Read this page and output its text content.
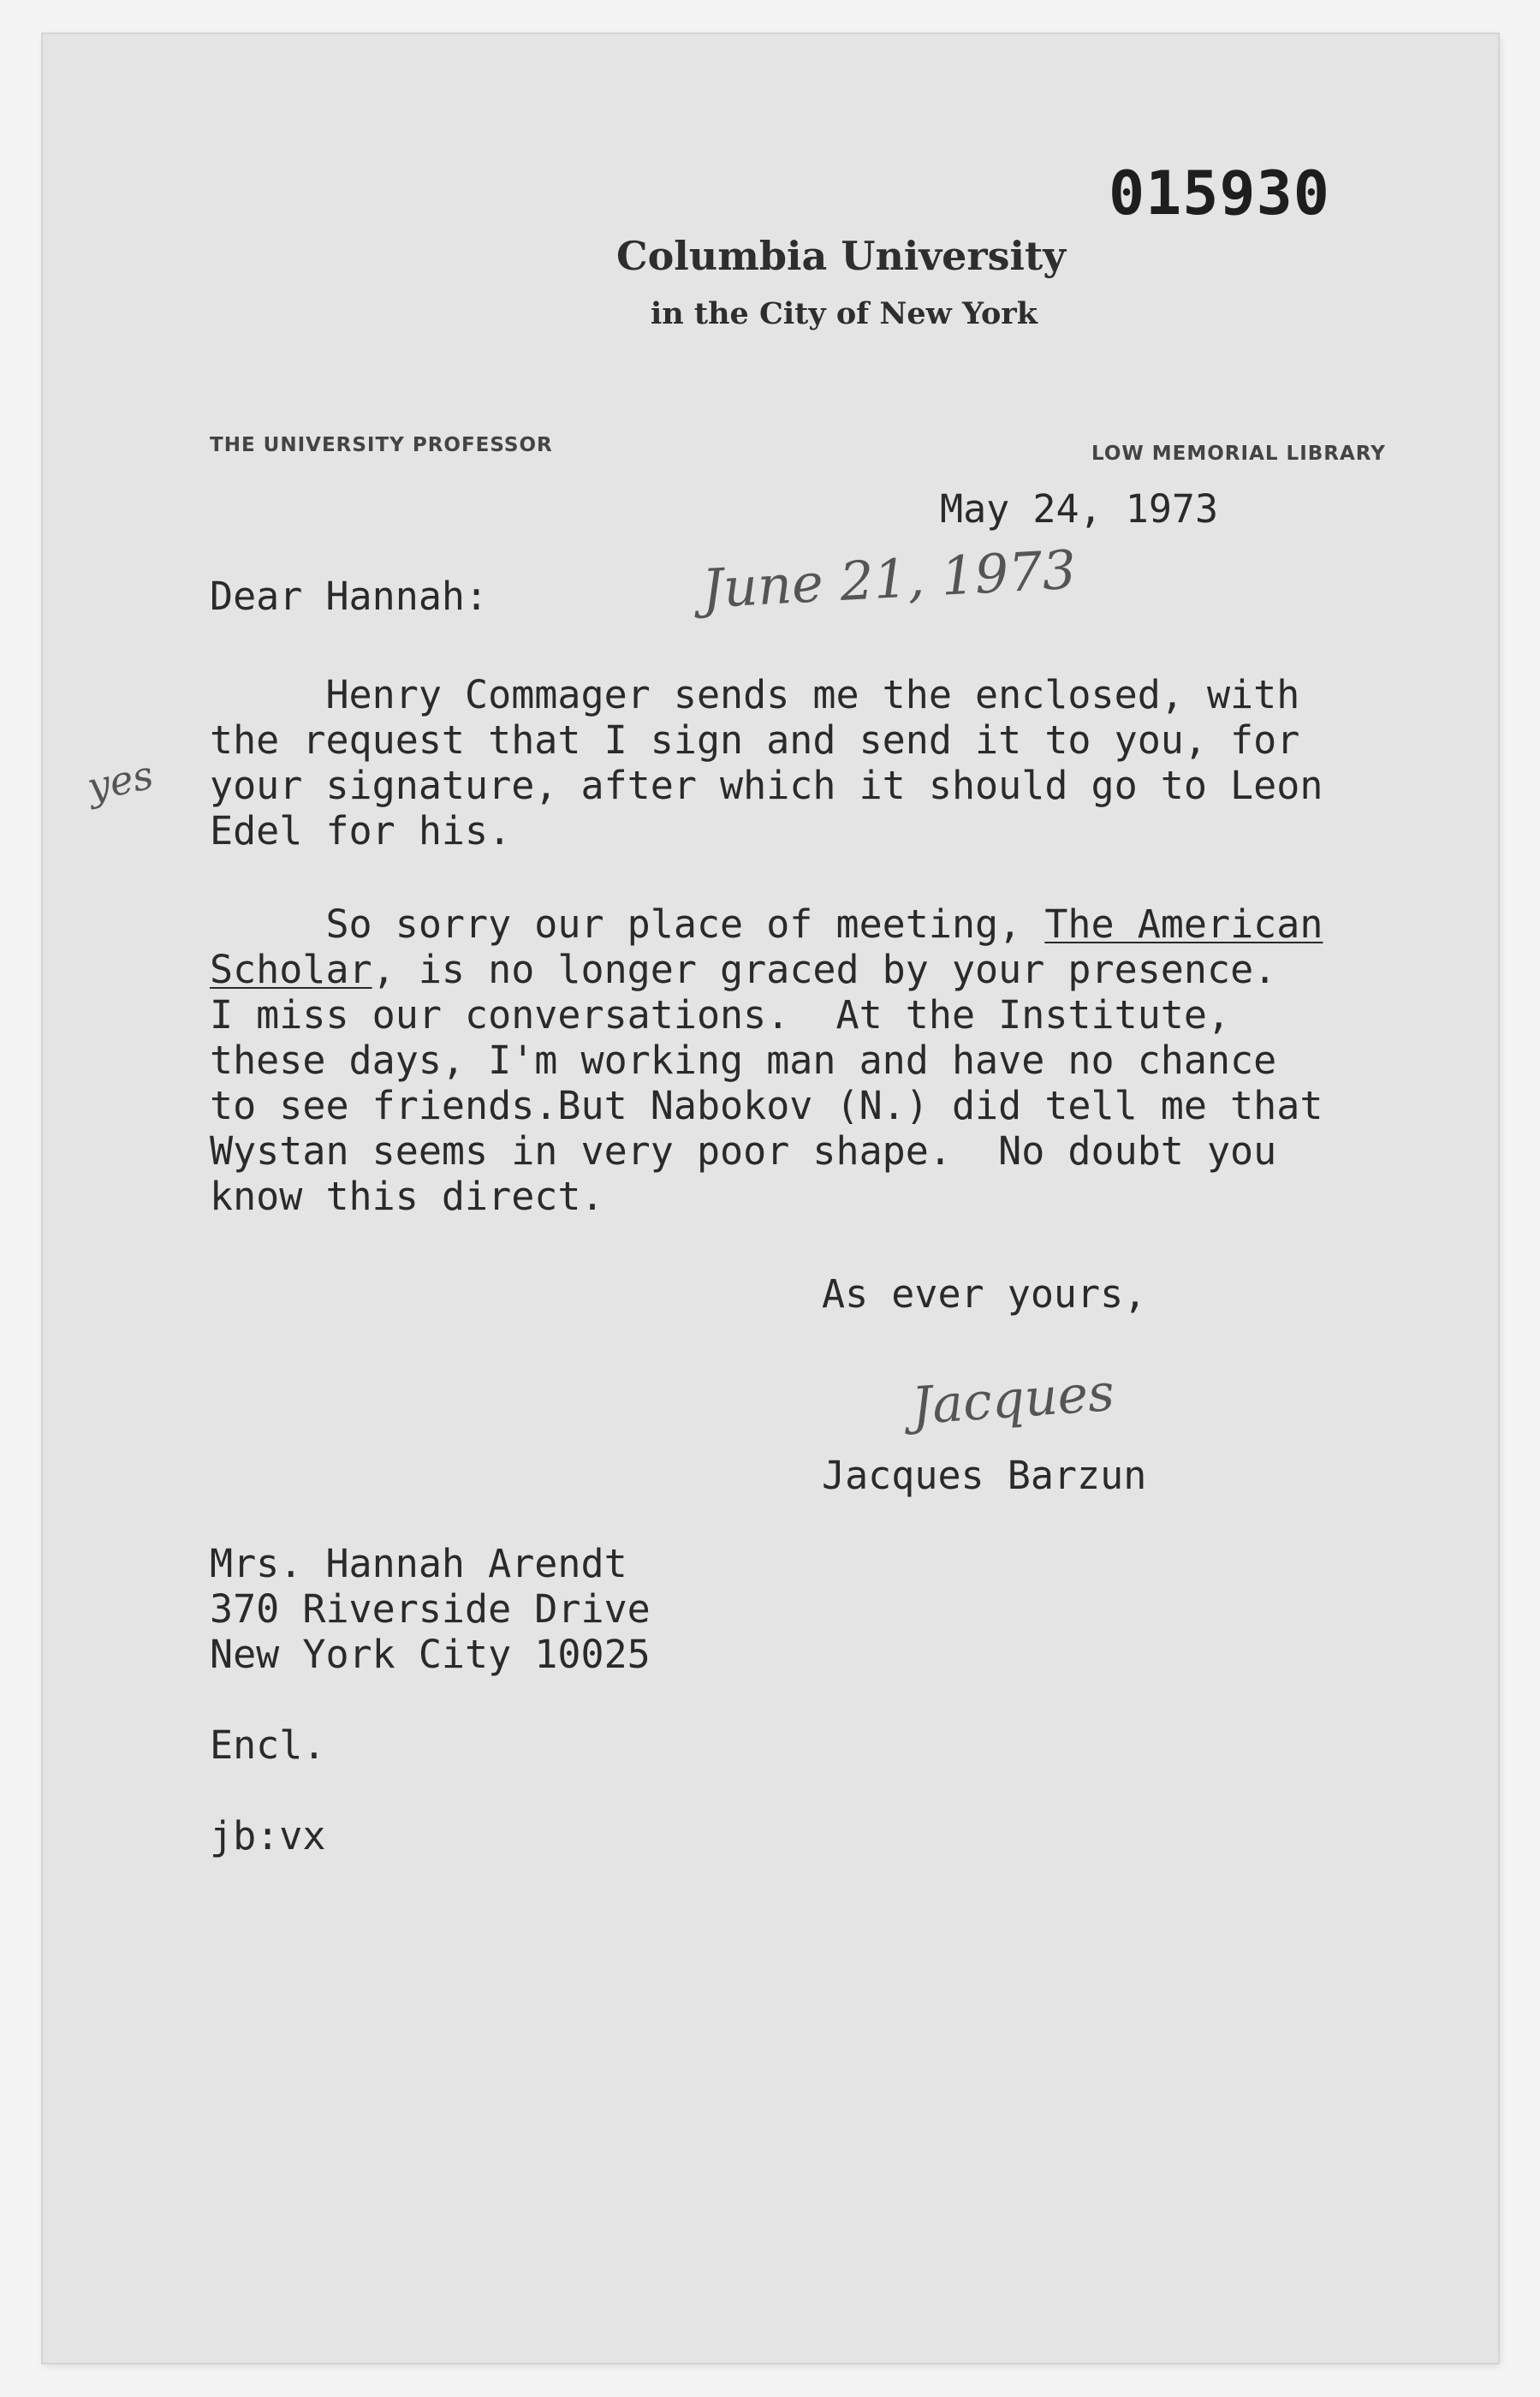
015930
Columbia University
in the City of New York
THE UNIVERSITY PROFESSOR	LOW MEMORIAL LIBRARY
May 24, 1973
Dear Hannah:	June 21, 1973
yes
Henry Commager sends me the enclosed, with
the request that I sign and send it to you, for
your signature, after which it should go to Leon
Edel for his.
So sorry our place of meeting, The American
Scholar, is no longer graced by your presence.
I miss our conversations.  At the Institute,
these days, I'm working man and have no chance
to see friends.But Nabokov (N.) did tell me that
Wystan seems in very poor shape.  No doubt you
know this direct.
As ever yours,
Jacques
Jacques Barzun
Mrs. Hannah Arendt
370 Riverside Drive
New York City 10025
Encl.
jb:vx
